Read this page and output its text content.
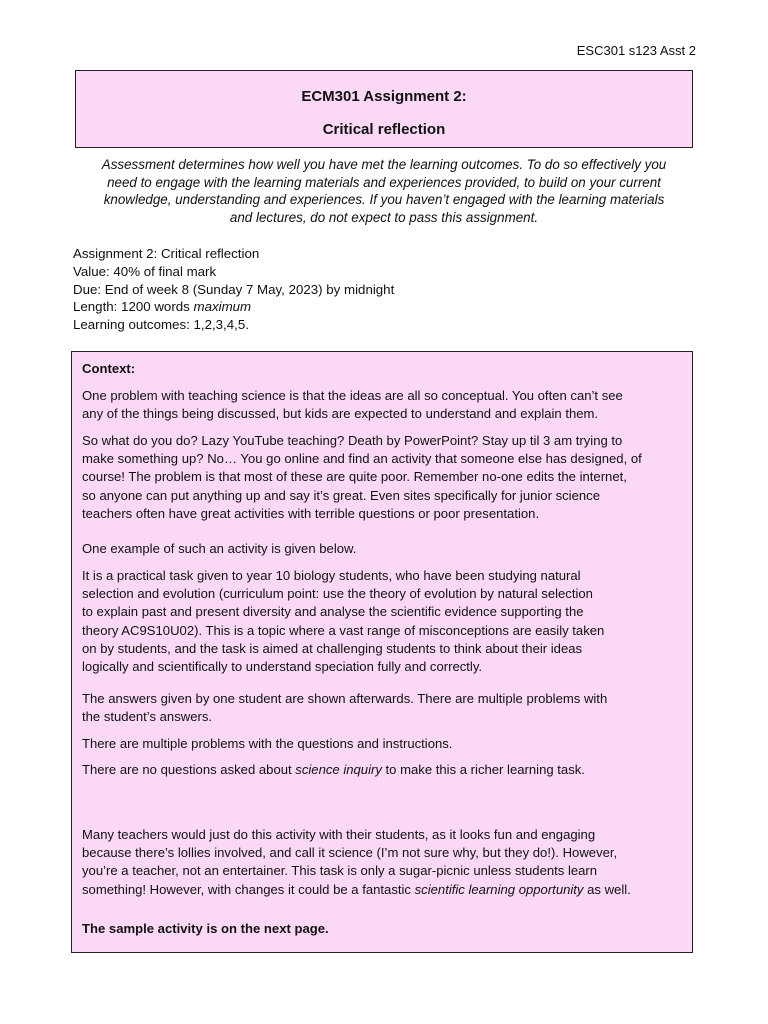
ESC301 s123 Asst 2
ECM301 Assignment 2:
Critical reflection
Assessment determines how well you have met the learning outcomes. To do so effectively you
need to engage with the learning materials and experiences provided, to build on your current
knowledge, understanding and experiences. If you haven’t engaged with the learning materials
and lectures, do not expect to pass this assignment.
Assignment 2: Critical reflection
Value: 40% of final mark
Due: End of week 8 (Sunday 7 May, 2023) by midnight
Length: 1200 words maximum
Learning outcomes: 1,2,3,4,5.
Context:
One problem with teaching science is that the ideas are all so conceptual. You often can’t see
any of the things being discussed, but kids are expected to understand and explain them.
So what do you do? Lazy YouTube teaching? Death by PowerPoint? Stay up til 3 am trying to
make something up? No… You go online and find an activity that someone else has designed, of
course! The problem is that most of these are quite poor. Remember no-one edits the internet,
so anyone can put anything up and say it’s great. Even sites specifically for junior science
teachers often have great activities with terrible questions or poor presentation.
One example of such an activity is given below.
It is a practical task given to year 10 biology students, who have been studying natural
selection and evolution (curriculum point: use the theory of evolution by natural selection
to explain past and present diversity and analyse the scientific evidence supporting the
theory AC9S10U02). This is a topic where a vast range of misconceptions are easily taken
on by students, and the task is aimed at challenging students to think about their ideas
logically and scientifically to understand speciation fully and correctly.
The answers given by one student are shown afterwards. There are multiple problems with
the student’s answers.
There are multiple problems with the questions and instructions.
There are no questions asked about science inquiry to make this a richer learning task.
Many teachers would just do this activity with their students, as it looks fun and engaging
because there’s lollies involved, and call it science (I’m not sure why, but they do!). However,
you’re a teacher, not an entertainer. This task is only a sugar-picnic unless students learn
something! However, with changes it could be a fantastic scientific learning opportunity as well.
The sample activity is on the next page.
